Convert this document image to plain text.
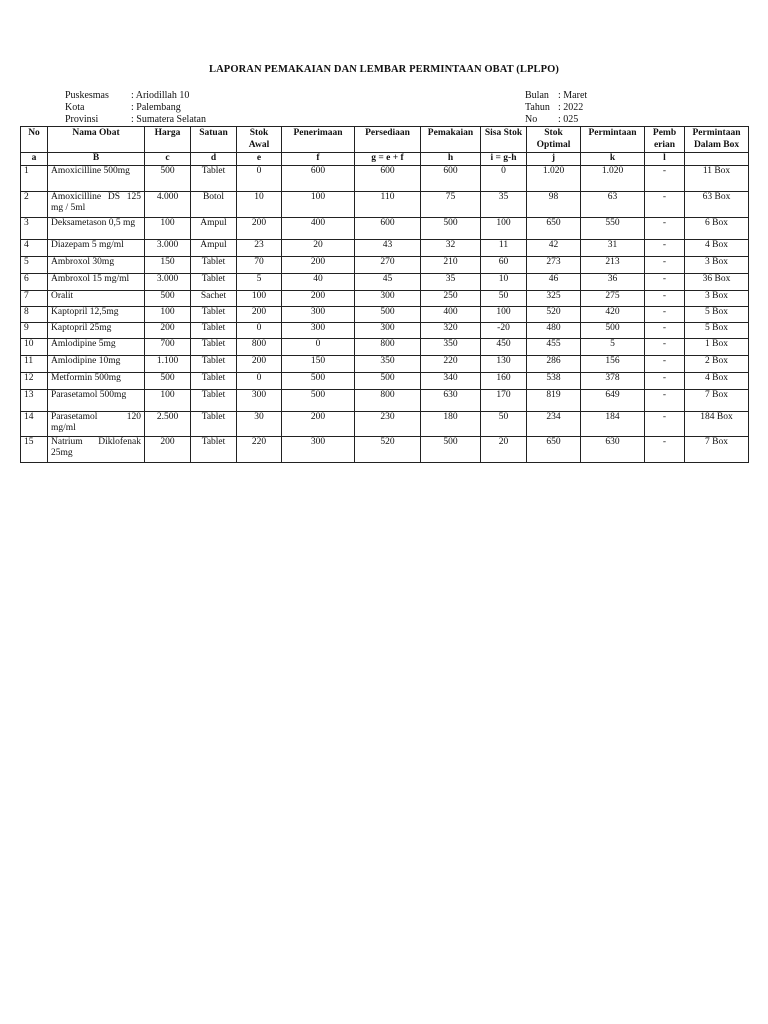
LAPORAN PEMAKAIAN DAN LEMBAR PERMINTAAN OBAT (LPLPO)
Puskesmas	: Ariodillah 10
Kota	: Palembang
Provinsi	: Sumatera Selatan
Bulan : Maret
Tahun : 2022
No	: 025
No	Nama Obat	Harga	Satuan	Stok Awal	Penerimaan	Persediaan	Pemakaian	Sisa Stok	Stok Optimal	Permintaan	Pemb erian	Permintaan Dalam Box
a	B	c	d	e	f	g = e + f	h	i = g-h	j	k	l	
1	Amoxicilline 500mg	500	Tablet	0	600	600	600	0	1.020	1.020	-	11 Box
2	Amoxicilline DS 125 mg / 5ml	4.000	Botol	10	100	110	75	35	98	63	-	63 Box
3	Deksametason 0,5 mg	100	Ampul	200	400	600	500	100	650	550	-	6 Box
4	Diazepam 5 mg/ml	3.000	Ampul	23	20	43	32	11	42	31	-	4 Box
5	Ambroxol 30mg	150	Tablet	70	200	270	210	60	273	213	-	3 Box
6	Ambroxol 15 mg/ml	3.000	Tablet	5	40	45	35	10	46	36	-	36 Box
7	Oralit	500	Sachet	100	200	300	250	50	325	275	-	3 Box
8	Kaptopril 12,5mg	100	Tablet	200	300	500	400	100	520	420	-	5 Box
9	Kaptopril 25mg	200	Tablet	0	300	300	320	-20	480	500	-	5 Box
10	Amlodipine 5mg	700	Tablet	800	0	800	350	450	455	5	-	1 Box
11	Amlodipine 10mg	1.100	Tablet	200	150	350	220	130	286	156	-	2 Box
12	Metformin 500mg	500	Tablet	0	500	500	340	160	538	378	-	4 Box
13	Parasetamol 500mg	100	Tablet	300	500	800	630	170	819	649	-	7 Box
14	Parasetamol 120 mg/ml	2.500	Tablet	30	200	230	180	50	234	184	-	184 Box
15	Natrium Diklofenak 25mg	200	Tablet	220	300	520	500	20	650	630	-	7 Box
